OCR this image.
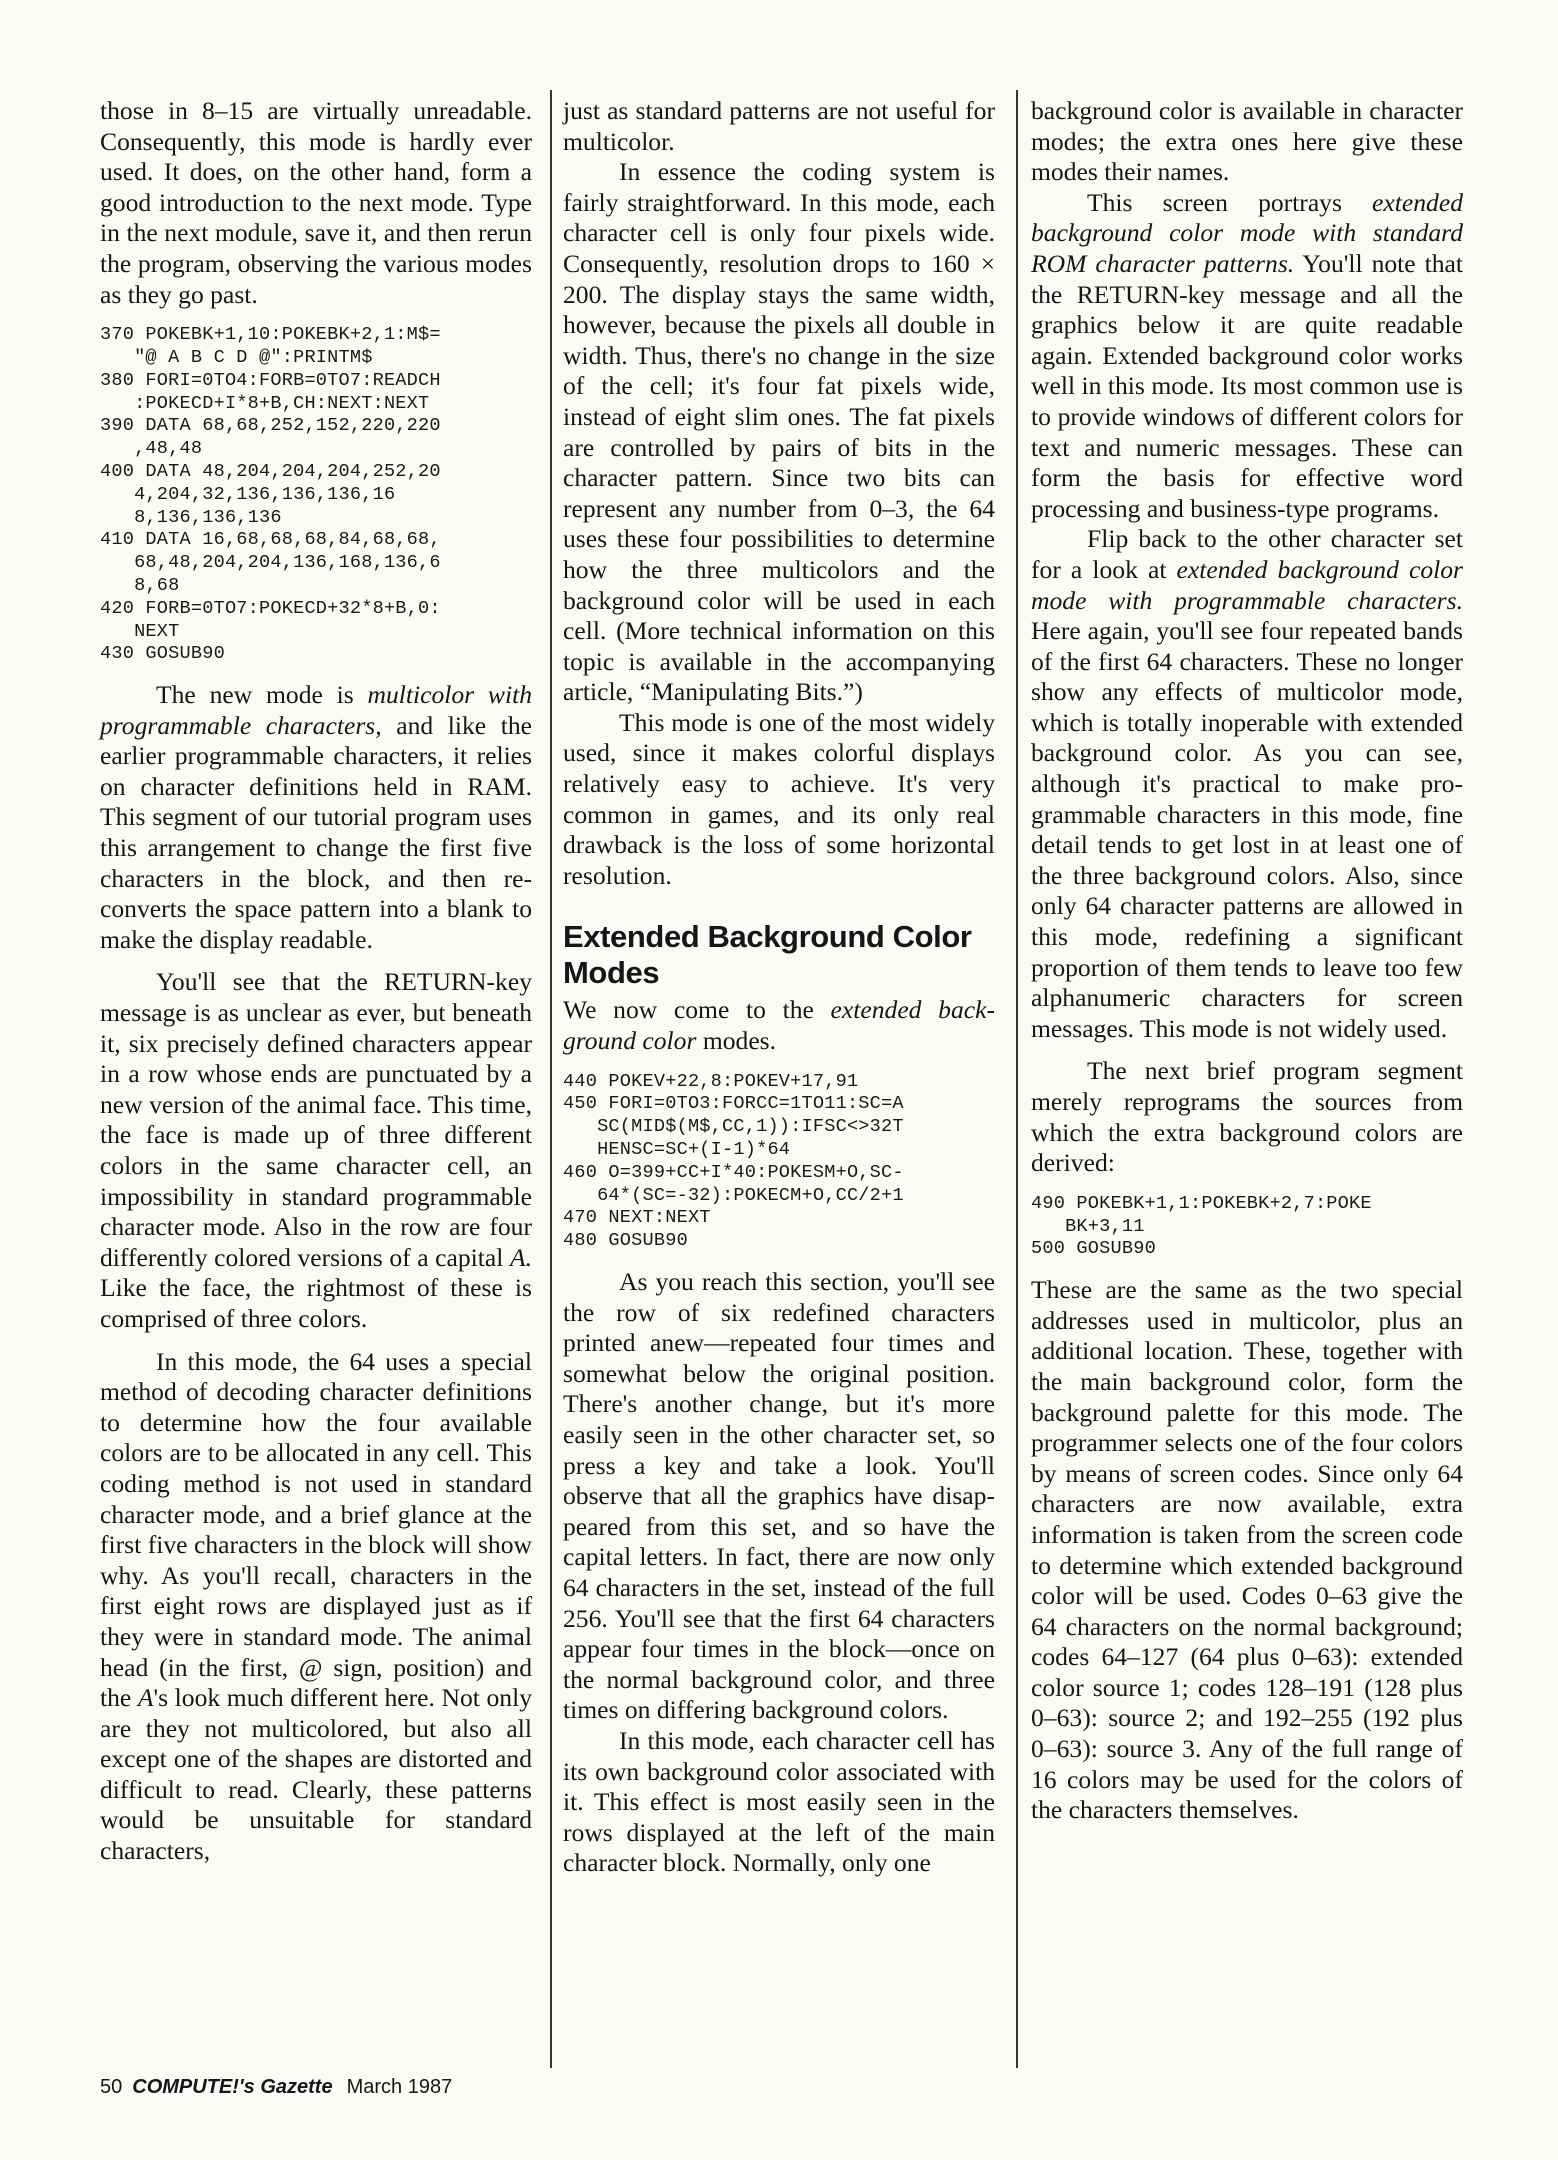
those in 8–15 are virtually unreadable. Consequently, this mode is hardly ever used. It does, on the other hand, form a good introduction to the next mode. Type in the next module, save it, and then rerun the program, observing the various modes as they go past.

370 POKEBK+1,10:POKEBK+2,1:M$=
"@ A B C D @":PRINTM$
380 FORI=0TO4:FORB=0TO7:READCH
:POKECD+I*8+B,CH:NEXT:NEXT
390 DATA 68,68,252,152,220,220
,48,48
400 DATA 48,204,204,204,252,20
4,204,32,136,136,136,16
8,136,136,136
410 DATA 16,68,68,68,84,68,68,
68,48,204,204,136,168,136,6
8,68
420 FORB=0TO7:POKECD+32*8+B,0:
NEXT
430 GOSUB90

The new mode is multicolor with programmable characters, and like the earlier programmable characters, it relies on character definitions held in RAM. This segment of our tutorial program uses this arrangement to change the first five characters in the block, and then reconverts the space pattern into a blank to make the display readable.

You'll see that the RETURN-key message is as unclear as ever, but beneath it, six precisely defined characters appear in a row whose ends are punctuated by a new version of the animal face. This time, the face is made up of three different colors in the same character cell, an impossibility in standard programmable character mode. Also in the row are four differently colored versions of a capital A. Like the face, the rightmost of these is comprised of three colors.

In this mode, the 64 uses a special method of decoding character definitions to determine how the four available colors are to be allocated in any cell. This coding method is not used in standard character mode, and a brief glance at the first five characters in the block will show why. As you'll recall, characters in the first eight rows are displayed just as if they were in standard mode. The animal head (in the first, @ sign, position) and the A's look much different here. Not only are they not multicolored, but also all except one of the shapes are distorted and difficult to read. Clearly, these patterns would be unsuitable for standard characters,

just as standard patterns are not useful for multicolor.

In essence the coding system is fairly straightforward. In this mode, each character cell is only four pixels wide. Consequently, resolution drops to 160 × 200. The display stays the same width, however, because the pixels all double in width. Thus, there's no change in the size of the cell; it's four fat pixels wide, instead of eight slim ones. The fat pixels are controlled by pairs of bits in the character pattern. Since two bits can represent any number from 0–3, the 64 uses these four possibilities to determine how the three multicolors and the background color will be used in each cell. (More technical information on this topic is available in the accompanying article, “Manipulating Bits.”)

This mode is one of the most widely used, since it makes colorful displays relatively easy to achieve. It's very common in games, and its only real drawback is the loss of some horizontal resolution.

Extended Background Color Modes

We now come to the extended background color modes.

440 POKEV+22,8:POKEV+17,91
450 FORI=0TO3:FORCC=1TO11:SC=A
SC(MID$(M$,CC,1)):IFSC<>32T
HENSC=SC+(I-1)*64
460 O=399+CC+I*40:POKESM+O,SC-
64*(SC=-32):POKECM+O,CC/2+1
470 NEXT:NEXT
480 GOSUB90

As you reach this section, you'll see the row of six redefined characters printed anew—repeated four times and somewhat below the original position. There's another change, but it's more easily seen in the other character set, so press a key and take a look. You'll observe that all the graphics have disappeared from this set, and so have the capital letters. In fact, there are now only 64 characters in the set, instead of the full 256. You'll see that the first 64 characters appear four times in the block—once on the normal background color, and three times on differing background colors.

In this mode, each character cell has its own background color associated with it. This effect is most easily seen in the rows displayed at the left of the main character block. Normally, only one

background color is available in character modes; the extra ones here give these modes their names.

This screen portrays extended background color mode with standard ROM character patterns. You'll note that the RETURN-key message and all the graphics below it are quite readable again. Extended background color works well in this mode. Its most common use is to provide windows of different colors for text and numeric messages. These can form the basis for effective word processing and business-type programs.

Flip back to the other character set for a look at extended background color mode with programmable characters. Here again, you'll see four repeated bands of the first 64 characters. These no longer show any effects of multicolor mode, which is totally inoperable with extended background color. As you can see, although it's practical to make programmable characters in this mode, fine detail tends to get lost in at least one of the three background colors. Also, since only 64 character patterns are allowed in this mode, redefining a significant proportion of them tends to leave too few alphanumeric characters for screen messages. This mode is not widely used.

The next brief program segment merely reprograms the sources from which the extra background colors are derived:

490 POKEBK+1,1:POKEBK+2,7:POKE
BK+3,11
500 GOSUB90

These are the same as the two special addresses used in multicolor, plus an additional location. These, together with the main background color, form the background palette for this mode. The programmer selects one of the four colors by means of screen codes. Since only 64 characters are now available, extra information is taken from the screen code to determine which extended background color will be used. Codes 0–63 give the 64 characters on the normal background; codes 64–127 (64 plus 0–63): extended color source 1; codes 128–191 (128 plus 0–63): source 2; and 192–255 (192 plus 0–63): source 3. Any of the full range of 16 colors may be used for the colors of the characters themselves.

50 COMPUTE!'s Gazette March 1987
